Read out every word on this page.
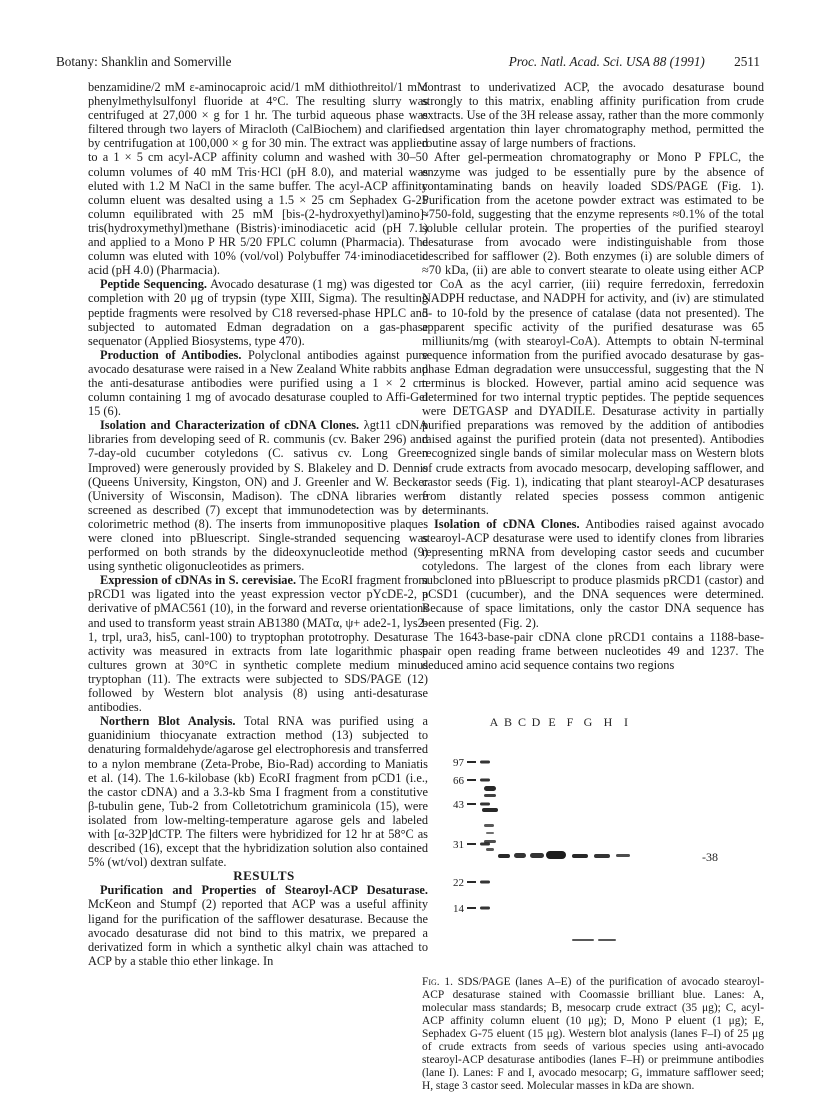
Botany: Shanklin and Somerville	Proc. Natl. Acad. Sci. USA 88 (1991) 2511

benzamidine/2 mM ε-aminocaproic acid/1 mM dithiothreitol/1 mM phenylmethylsulfonyl fluoride at 4°C. The resulting slurry was centrifuged at 27,000 × g for 1 hr. The turbid aqueous phase was filtered through two layers of Miracloth (CalBiochem) and clarified by centrifugation at 100,000 × g for 30 min. The extract was applied to a 1 × 5 cm acyl-ACP affinity column and washed with 30–50 column volumes of 40 mM Tris·HCl (pH 8.0), and material was eluted with 1.2 M NaCl in the same buffer. The acyl-ACP affinity column eluent was desalted using a 1.5 × 25 cm Sephadex G-25 column equilibrated with 25 mM [bis-(2-hydroxyethyl)amino]-tris(hydroxymethyl)methane (Bistris)·iminodiacetic acid (pH 7.1) and applied to a Mono P HR 5/20 FPLC column (Pharmacia). The column was eluted with 10% (vol/vol) Polybuffer 74·iminodiacetic acid (pH 4.0) (Pharmacia).

Peptide Sequencing. Avocado desaturase (1 mg) was digested to completion with 20 μg of trypsin (type XIII, Sigma). The resulting peptide fragments were resolved by C18 reversed-phase HPLC and subjected to automated Edman degradation on a gas-phase sequenator (Applied Biosystems, type 470).

Production of Antibodies. Polyclonal antibodies against pure avocado desaturase were raised in a New Zealand White rabbits and the anti-desaturase antibodies were purified using a 1 × 2 cm column containing 1 mg of avocado desaturase coupled to Affi-Gel 15 (6).

Isolation and Characterization of cDNA Clones. λgt11 cDNA libraries from developing seed of R. communis (cv. Baker 296) and 7-day-old cucumber cotyledons (C. sativus cv. Long Green Improved) were generously provided by S. Blakeley and D. Dennis (Queens University, Kingston, ON) and J. Greenler and W. Becker (University of Wisconsin, Madison). The cDNA libraries were screened as described (7) except that immunodetection was by a colorimetric method (8). The inserts from immunopositive plaques were cloned into pBluescript. Single-stranded sequencing was performed on both strands by the dideoxynucleotide method (9) using synthetic oligonucleotides as primers.

Expression of cDNAs in S. cerevisiae. The EcoRI fragment from pRCD1 was ligated into the yeast expression vector pYcDE-2, a derivative of pMAC561 (10), in the forward and reverse orientations and used to transform yeast strain AB1380 (MATα, ψ+ ade2-1, lys2-1, trpl, ura3, his5, canl-100) to tryptophan prototrophy. Desaturase activity was measured in extracts from late logarithmic phase cultures grown at 30°C in synthetic complete medium minus tryptophan (11). The extracts were subjected to SDS/PAGE (12) followed by Western blot analysis (8) using anti-desaturase antibodies.

Northern Blot Analysis. Total RNA was purified using a guanidinium thiocyanate extraction method (13) subjected to denaturing formaldehyde/agarose gel electrophoresis and transferred to a nylon membrane (Zeta-Probe, Bio-Rad) according to Maniatis et al. (14). The 1.6-kilobase (kb) EcoRI fragment from pCD1 (i.e., the castor cDNA) and a 3.3-kb Sma I fragment from a constitutive β-tubulin gene, Tub-2 from Colletotrichum graminicola (15), were isolated from low-melting-temperature agarose gels and labeled with [α-32P]dCTP. The filters were hybridized for 12 hr at 58°C as described (16), except that the hybridization solution also contained 5% (wt/vol) dextran sulfate.

RESULTS

Purification and Properties of Stearoyl-ACP Desaturase. McKeon and Stumpf (2) reported that ACP was a useful affinity ligand for the purification of the safflower desaturase. Because the avocado desaturase did not bind to this matrix, we prepared a derivatized form in which a synthetic alkyl chain was attached to ACP by a stable thio ether linkage. In

contrast to underivatized ACP, the avocado desaturase bound strongly to this matrix, enabling affinity purification from crude extracts. Use of the 3H release assay, rather than the more commonly used argentation thin layer chromatography method, permitted the routine assay of large numbers of fractions.

After gel-permeation chromatography or Mono P FPLC, the enzyme was judged to be essentially pure by the absence of contaminating bands on heavily loaded SDS/PAGE (Fig. 1). Purification from the acetone powder extract was estimated to be ≈750-fold, suggesting that the enzyme represents ≈0.1% of the total soluble cellular protein. The properties of the purified stearoyl desaturase from avocado were indistinguishable from those described for safflower (2). Both enzymes (i) are soluble dimers of ≈70 kDa, (ii) are able to convert stearate to oleate using either ACP or CoA as the acyl carrier, (iii) require ferredoxin, ferredoxin NADPH reductase, and NADPH for activity, and (iv) are stimulated 5- to 10-fold by the presence of catalase (data not presented). The apparent specific activity of the purified desaturase was 65 milliunits/mg (with stearoyl-CoA). Attempts to obtain N-terminal sequence information from the purified avocado desaturase by gas-phase Edman degradation were unsuccessful, suggesting that the N terminus is blocked. However, partial amino acid sequence was determined for two internal tryptic peptides. The peptide sequences were DETGASP and DYADILE. Desaturase activity in partially purified preparations was removed by the addition of antibodies raised against the purified protein (data not presented). Antibodies recognized single bands of similar molecular mass on Western blots of crude extracts from avocado mesocarp, developing safflower, and castor seeds (Fig. 1), indicating that plant stearoyl-ACP desaturases from distantly related species possess common antigenic determinants.

Isolation of cDNA Clones. Antibodies raised against avocado stearoyl-ACP desaturase were used to identify clones from libraries representing mRNA from developing castor seeds and cucumber cotyledons. The largest of the clones from each library were subcloned into pBluescript to produce plasmids pRCD1 (castor) and pCSD1 (cucumber), and the DNA sequences were determined. Because of space limitations, only the castor DNA sequence has been presented (Fig. 2).

The 1643-base-pair cDNA clone pRCD1 contains a 1188-base-pair open reading frame between nucleotides 49 and 1237. The deduced amino acid sequence contains two regions

A B C D E F G H I
97
66
43
31
22
14
-38
Fig. 1. SDS/PAGE (lanes A–E) of the purification of avocado stearoyl-ACP desaturase stained with Coomassie brilliant blue. Lanes: A, molecular mass standards; B, mesocarp crude extract (35 μg); C, acyl-ACP affinity column eluent (10 μg); D, Mono P eluent (1 μg); E, Sephadex G-75 eluent (15 μg). Western blot analysis (lanes F–I) of 25 μg of crude extracts from seeds of various species using anti-avocado stearoyl-ACP desaturase antibodies (lanes F–H) or preimmune antibodies (lane I). Lanes: F and I, avocado mesocarp; G, immature safflower seed; H, stage 3 castor seed. Molecular masses in kDa are shown.
